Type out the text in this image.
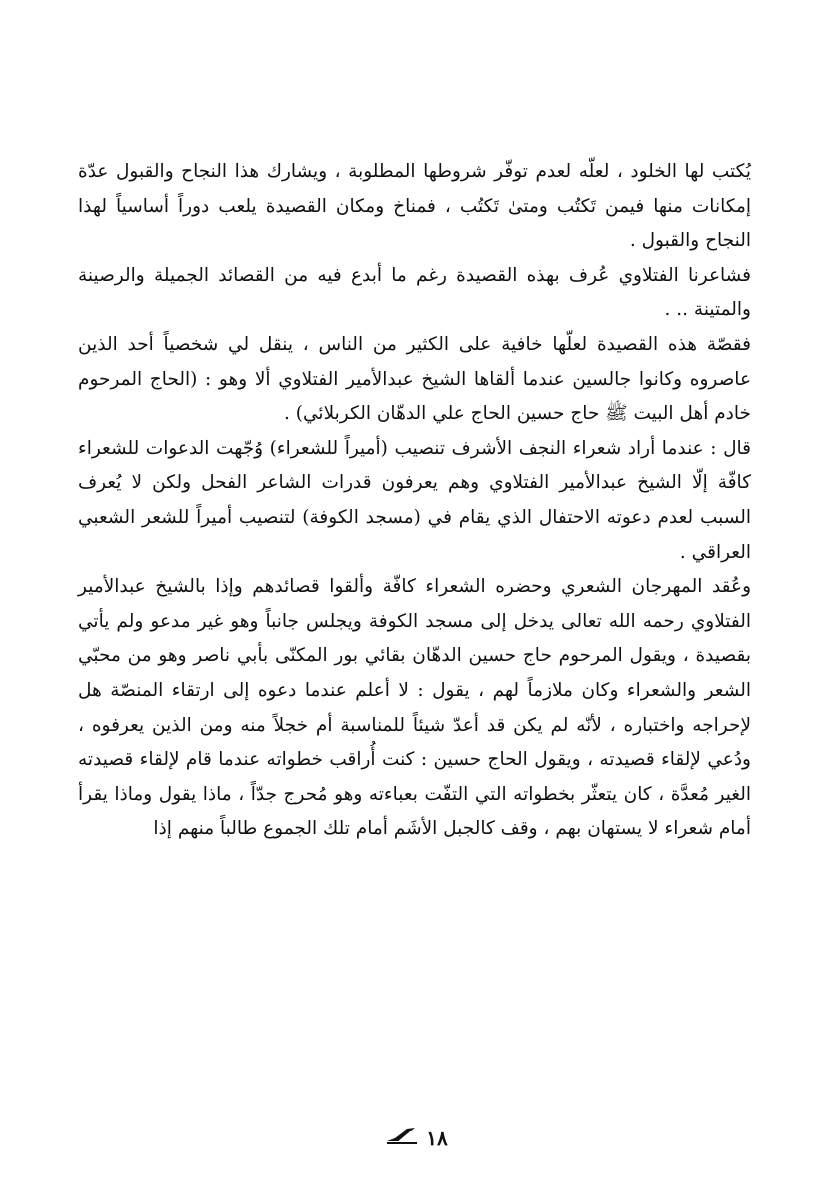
يُكتب لها الخلود ، لعلّه لعدم توفّر شروطها المطلوبة ، ويشارك هذا النجاح والقبول عدّة إمكانات منها فيمن تَكتُب ومتىٰ تَكتُب ، فمناخ ومكان القصيدة يلعب دوراً أساسياً لهذا النجاح والقبول .

فشاعرنا الفتلاوي عُرف بهذه القصيدة رغم ما أبدع فيه من القصائد الجميلة والرصينة والمتينة .. .

فقصّة هذه القصيدة لعلّها خافية على الكثير من الناس ، ينقل لي شخصياً أحد الذين عاصروه وكانوا جالسين عندما ألقاها الشيخ عبدالأمير الفتلاوي ألا وهو : (الحاج المرحوم خادم أهل البيت ﷺ حاج حسين الحاج علي الدهّان الكربلائي) .

قال : عندما أراد شعراء النجف الأشرف تنصيب (أميراً للشعراء) وُجّهت الدعوات للشعراء كافّة إلّا الشيخ عبدالأمير الفتلاوي وهم يعرفون قدرات الشاعر الفحل ولكن لا يُعرف السبب لعدم دعوته الاحتفال الذي يقام في (مسجد الكوفة) لتنصيب أميراً للشعر الشعبي العراقي .

وعُقد المهرجان الشعري وحضره الشعراء كافّة وألقوا قصائدهم وإذا بالشيخ عبدالأمير الفتلاوي رحمه الله تعالى يدخل إلى مسجد الكوفة ويجلس جانباً وهو غير مدعو ولم يأتي بقصيدة ، ويقول المرحوم حاج حسين الدهّان بقائي بور المكنّى بأبي ناصر وهو من محبّي الشعر والشعراء وكان ملازماً لهم ، يقول : لا أعلم عندما دعوه إلى ارتقاء المنصّة هل لإحراجه واختباره ، لأنّه لم يكن قد أعدّ شيئاً للمناسبة أم خجلاً منه ومن الذين يعرفوه ، ودُعي لإلقاء قصيدته ، ويقول الحاج حسين : كنت أُراقب خطواته عندما قام لإلقاء قصيدته الغير مُعدَّة ، كان يتعثّر بخطواته التي التفّت بعباءته وهو مُحرج جدّاً ، ماذا يقول وماذا يقرأ أمام شعراء لا يستهان بهم ، وقف كالجبل الأشَم أمام تلك الجموع طالباً منهم إذا

١٨
